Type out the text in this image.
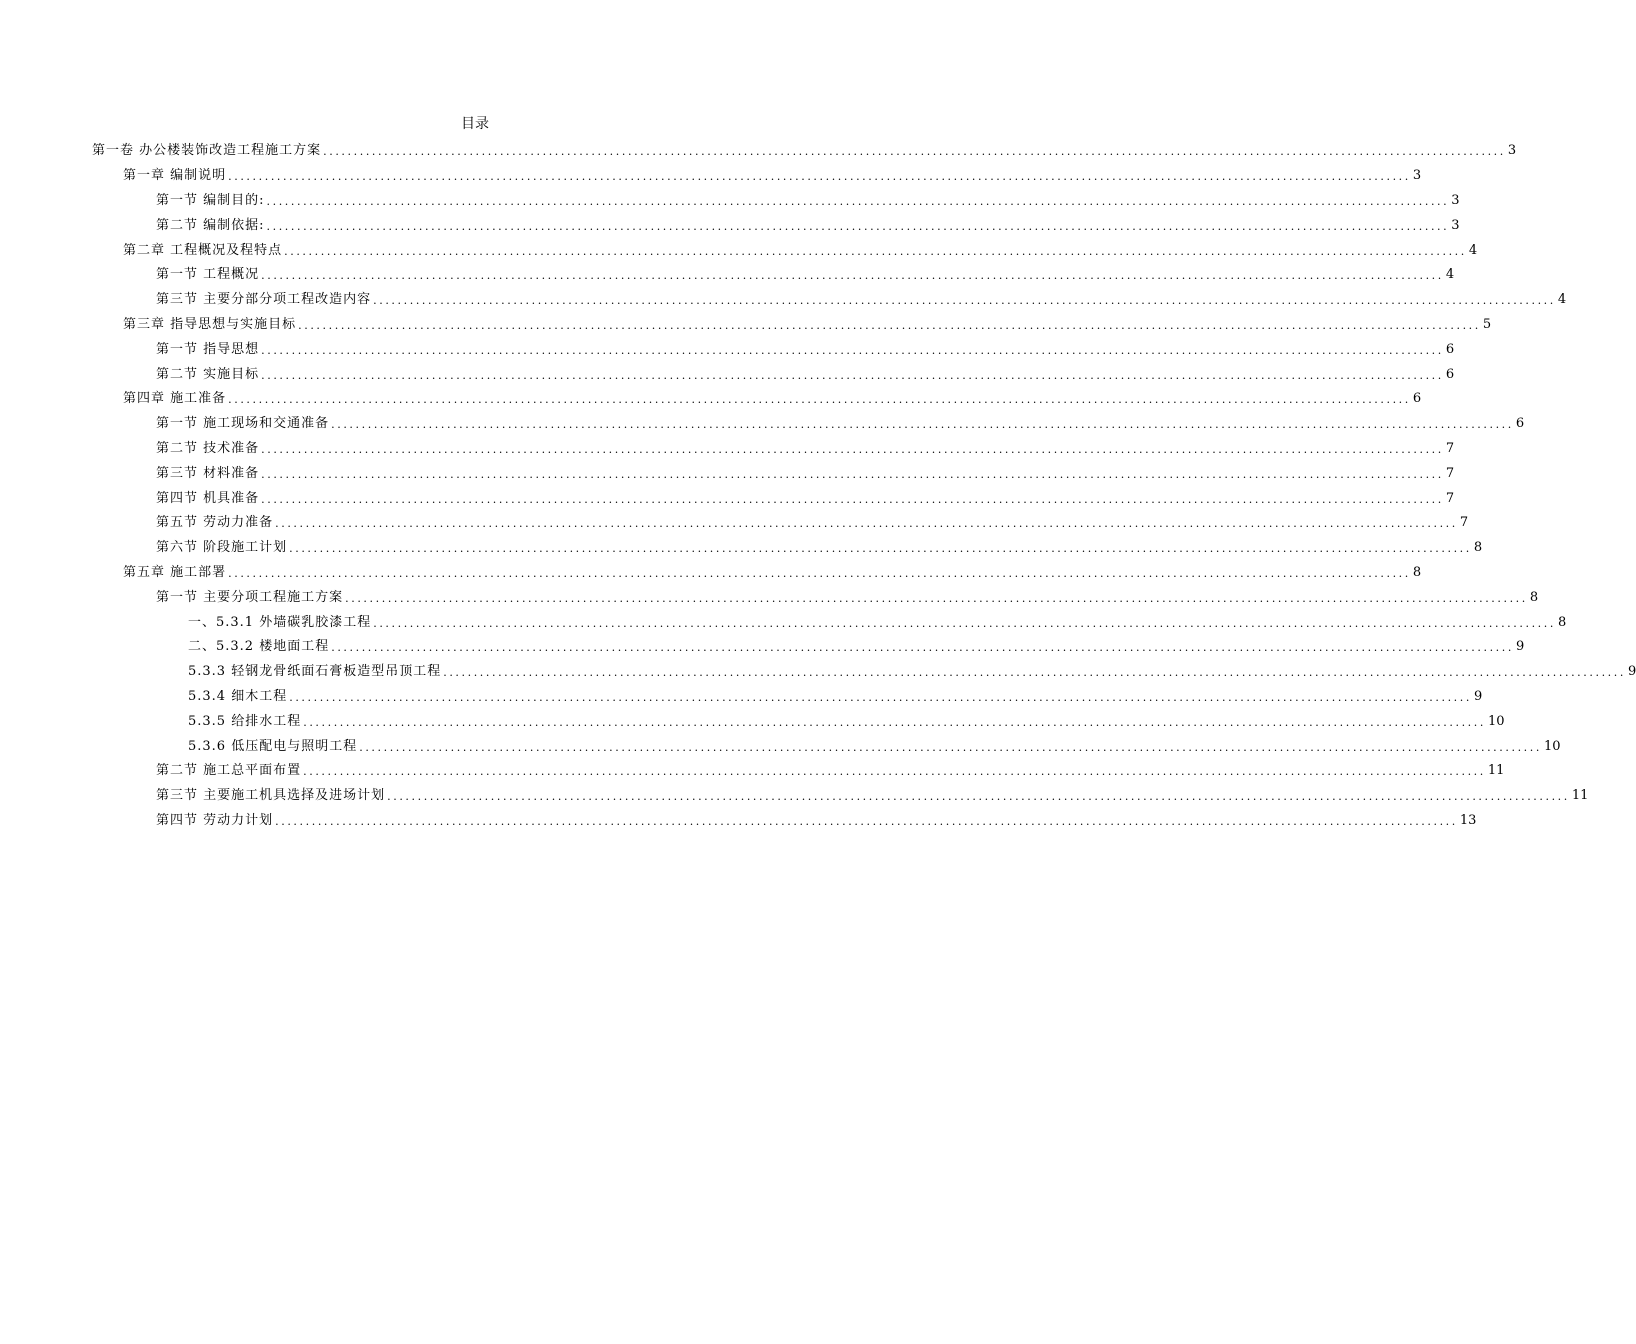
目录
第一卷 办公楼装饰改造工程施工方案 .................................................................................................................................................................................................. 3
第一章 编制说明 .................................................................................................................................................................................................. 3
第一节 编制目的: .................................................................................................................................................................................................. 3
第二节 编制依据: .................................................................................................................................................................................................. 3
第二章 工程概况及程特点 .................................................................................................................................................................................................. 4
第一节 工程概况 .................................................................................................................................................................................................. 4
第三节 主要分部分项工程改造内容 .................................................................................................................................................................................................. 4
第三章 指导思想与实施目标 .................................................................................................................................................................................................. 5
第一节 指导思想 .................................................................................................................................................................................................. 6
第二节 实施目标 .................................................................................................................................................................................................. 6
第四章 施工准备 .................................................................................................................................................................................................. 6
第一节 施工现场和交通准备 .................................................................................................................................................................................................. 6
第二节 技术准备 .................................................................................................................................................................................................. 7
第三节 材料准备 .................................................................................................................................................................................................. 7
第四节 机具准备 .................................................................................................................................................................................................. 7
第五节 劳动力准备 .................................................................................................................................................................................................. 7
第六节 阶段施工计划 .................................................................................................................................................................................................. 8
第五章 施工部署 .................................................................................................................................................................................................. 8
第一节 主要分项工程施工方案 .................................................................................................................................................................................................. 8
一、5.3.1 外墙碳乳胶漆工程 .................................................................................................................................................................................................. 8
二、5.3.2 楼地面工程 .................................................................................................................................................................................................. 9
5.3.3 轻钢龙骨纸面石膏板造型吊顶工程 .................................................................................................................................................................................................. 9
5.3.4 细木工程 .................................................................................................................................................................................................. 9
5.3.5 给排水工程 .................................................................................................................................................................................................. 10
5.3.6 低压配电与照明工程 .................................................................................................................................................................................................. 10
第二节 施工总平面布置 .................................................................................................................................................................................................. 11
第三节 主要施工机具选择及进场计划 .................................................................................................................................................................................................. 11
第四节 劳动力计划 .................................................................................................................................................................................................. 13
